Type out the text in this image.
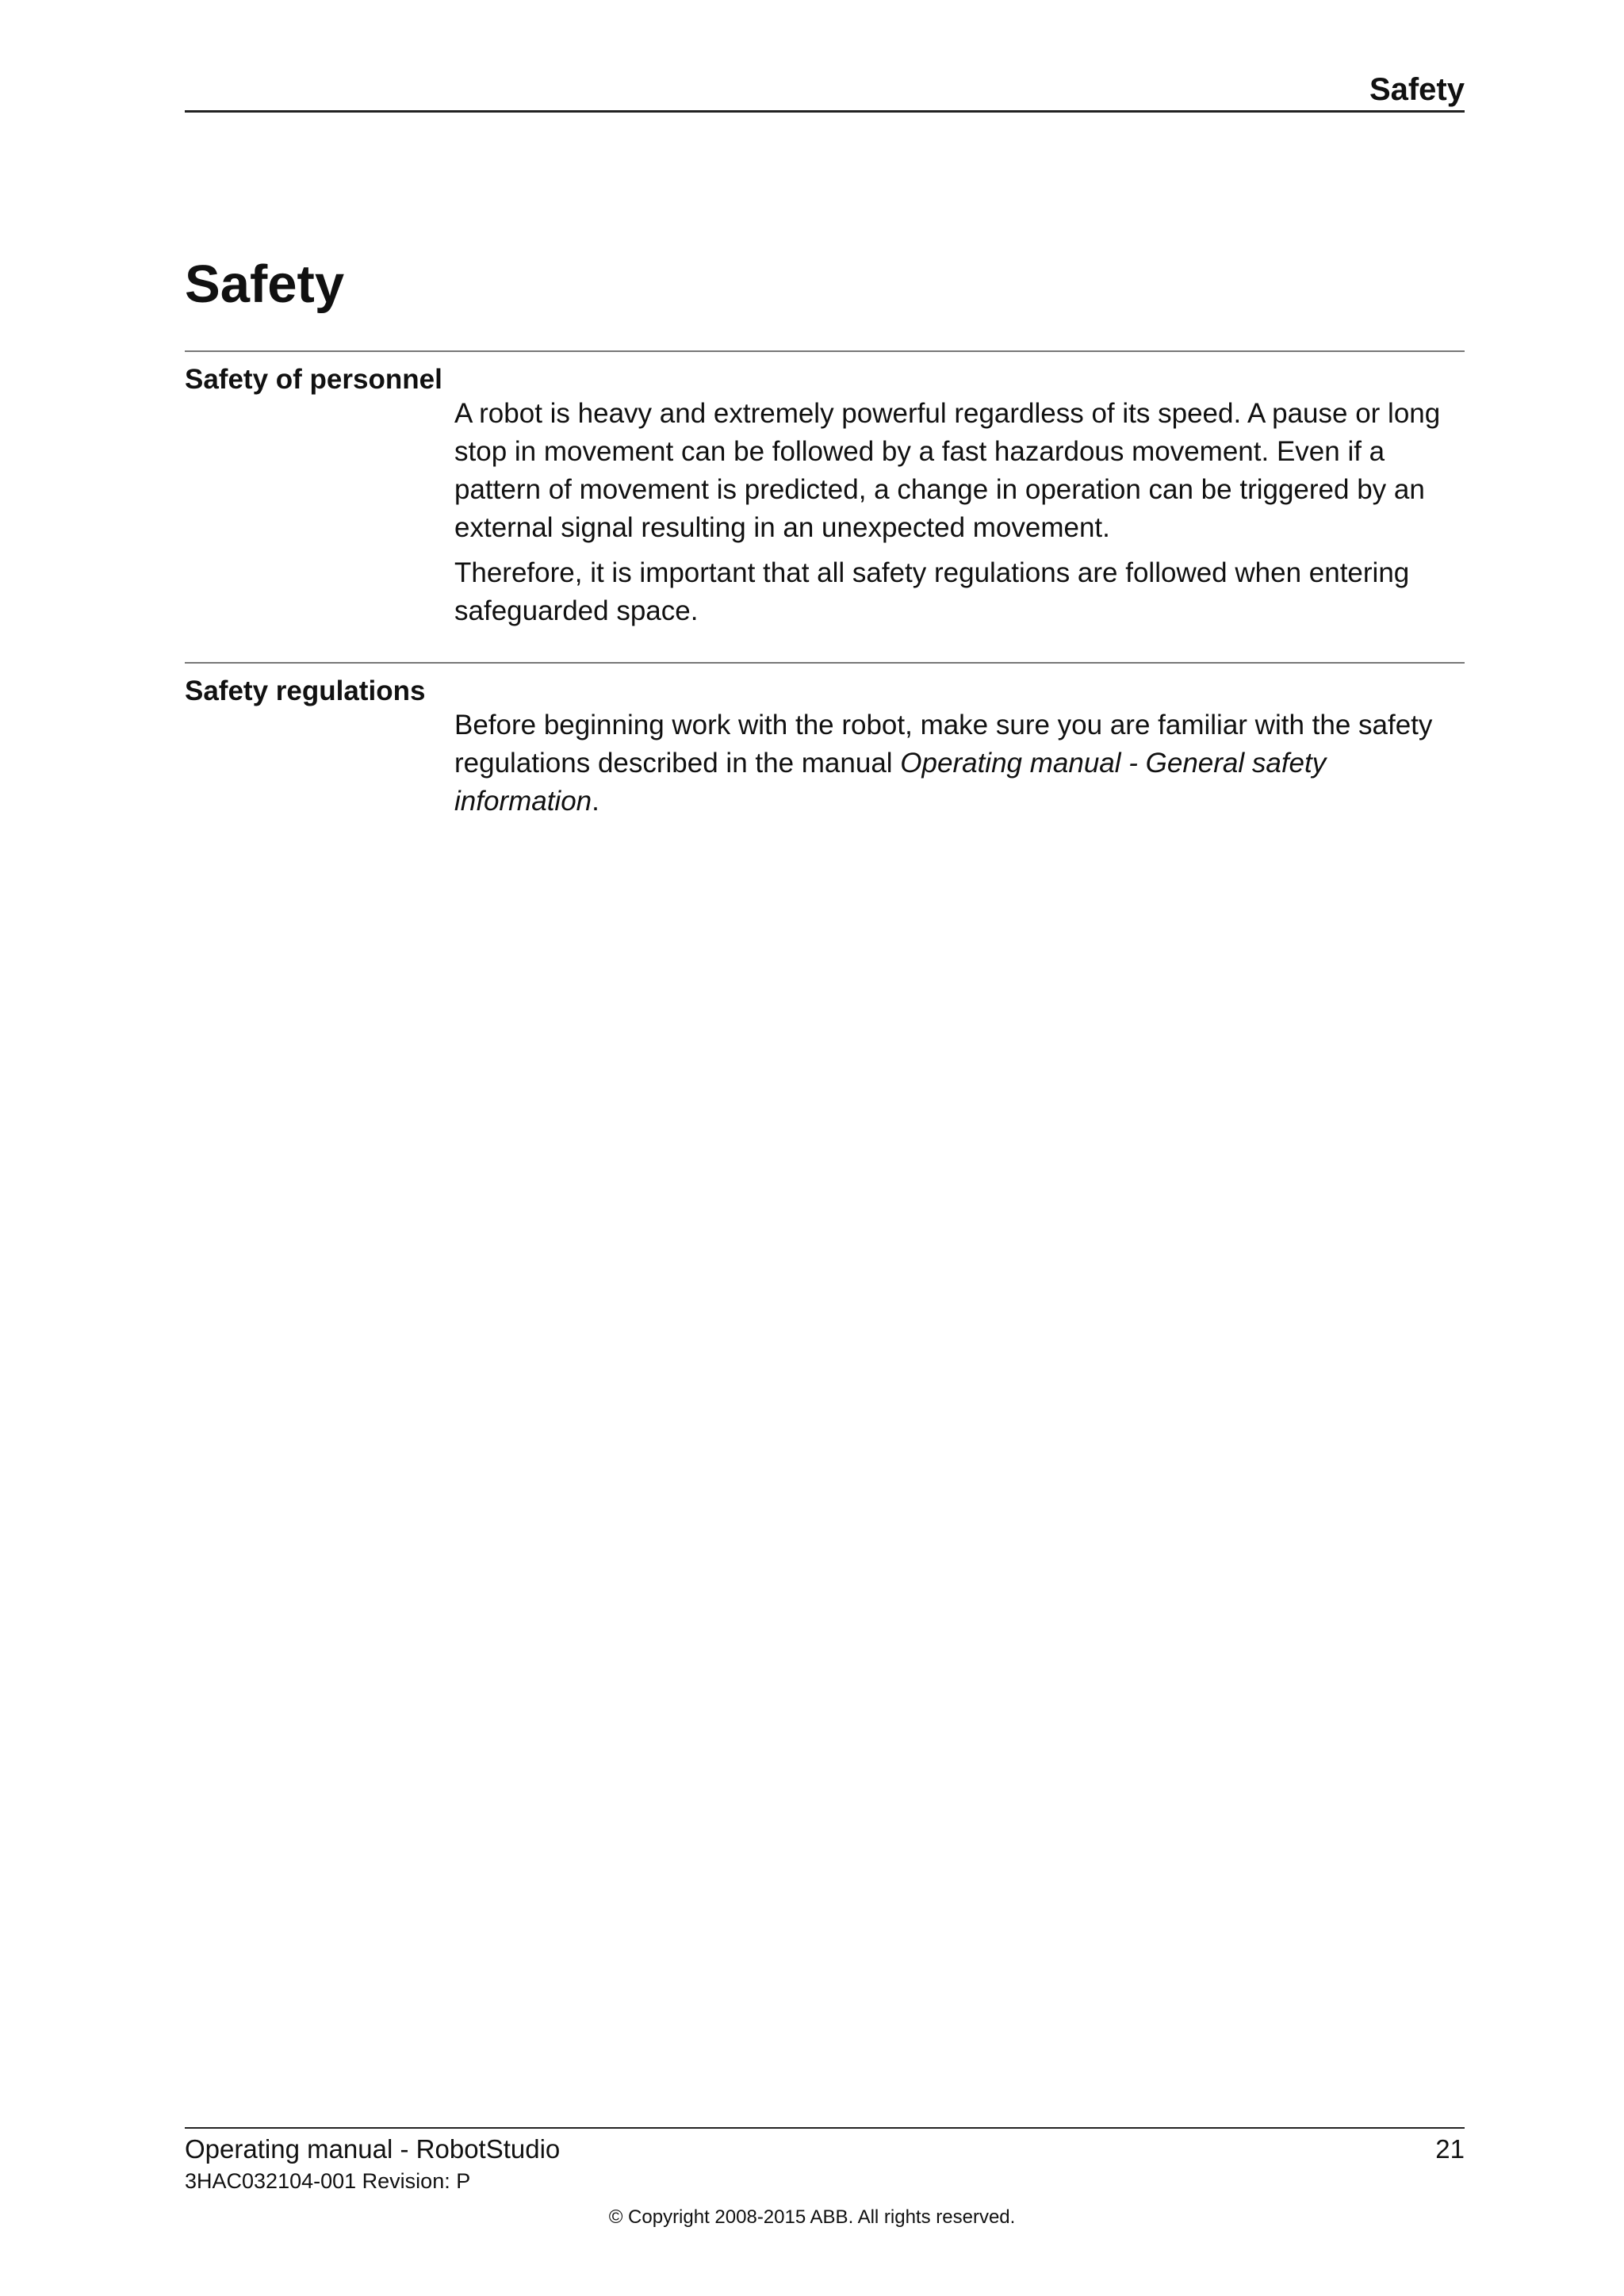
Safety
Safety
Safety of personnel

A robot is heavy and extremely powerful regardless of its speed. A pause or long stop in movement can be followed by a fast hazardous movement. Even if a pattern of movement is predicted, a change in operation can be triggered by an external signal resulting in an unexpected movement.

Therefore, it is important that all safety regulations are followed when entering safeguarded space.

Safety regulations

Before beginning work with the robot, make sure you are familiar with the safety regulations described in the manual Operating manual - General safety information.

Operating manual - RobotStudio	21
3HAC032104-001 Revision: P
© Copyright 2008-2015 ABB. All rights reserved.
